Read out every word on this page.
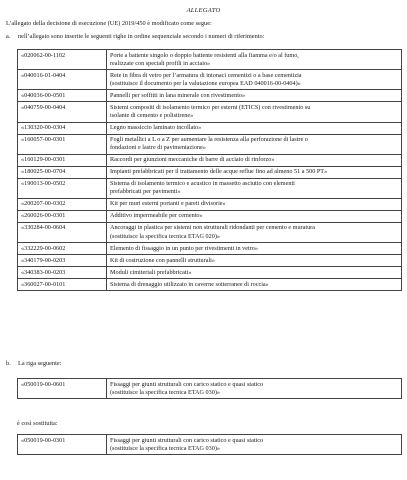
ALLEGATO
L’allegato della decisione di esecuzione (UE) 2019/450 è modificato come segue:
a. nell’allegato sono inserite le seguenti righe in ordine sequenziale secondo i numeri di riferimento:
«020062-00-1102	Porte a battente singolo o doppio battente resistenti alla fiamma e/o al fumo,
realizzate con speciali profili in acciaio»

«040016-01-0404	Rete in fibra di vetro per l’armatura di intonaci cementizi o a base cementizia
(sostituisce il documento per la valutazione europea EAD 040016-00-0404)»

«040036-00-0501	Pannelli per soffitti in lana minerale con rivestimento»

«040759-00-0404	Sistemi compositi di isolamento termico per esterni (ETICS) con rivestimento su
isolante di cemento e polistirene»

«130320-00-0304	Legno massiccio laminato incollato»

«160057-00-0301	Fogli metallici a L o a Z per aumentare la resistenza alla perforazione di lastre o
fondazioni e lastre di pavimentazione»

«160129-00-0301	Raccordi per giunzioni meccaniche di barre di acciaio di rinforzo»

«180025-00-0704	Impianti prefabbricati per il trattamento delle acque reflue fino ad almeno 51 a 500 PT»

«190013-00-0502	Sistema di isolamento termico e acustico in massetto asciutto con elementi
prefabbricati per pavimenti»

«200207-00-0302	Kit per muri esterni portanti e pareti divisorie»

«260026-00-0301	Additivo impermeabile per cemento»

«330284-00-0604	Ancoraggi in plastica per sistemi non strutturali ridondanti per cemento e muratura
(sostituisce la specifica tecnica ETAG 020)»

«332229-00-0602	Elemento di fissaggio in un punto per rivestimenti in vetro»

«340179-00-0203	Kit di costruzione con pannelli strutturali»

«340383-00-0203	Moduli cimiteriali prefabbricati»

«360027-00-0101	Sistema di drenaggio utilizzato in caverne sotterranee di roccia»
b. La riga seguente:
«050019-00-0601	Fissaggi per giunti strutturali con carico statico e quasi statico
(sostituisce la specifica tecnica ETAG 030)»
è così sostituita:
«050019-00-0301	Fissaggi per giunti strutturali con carico statico e quasi statico
(sostituisce la specifica tecnica ETAG 030)»
